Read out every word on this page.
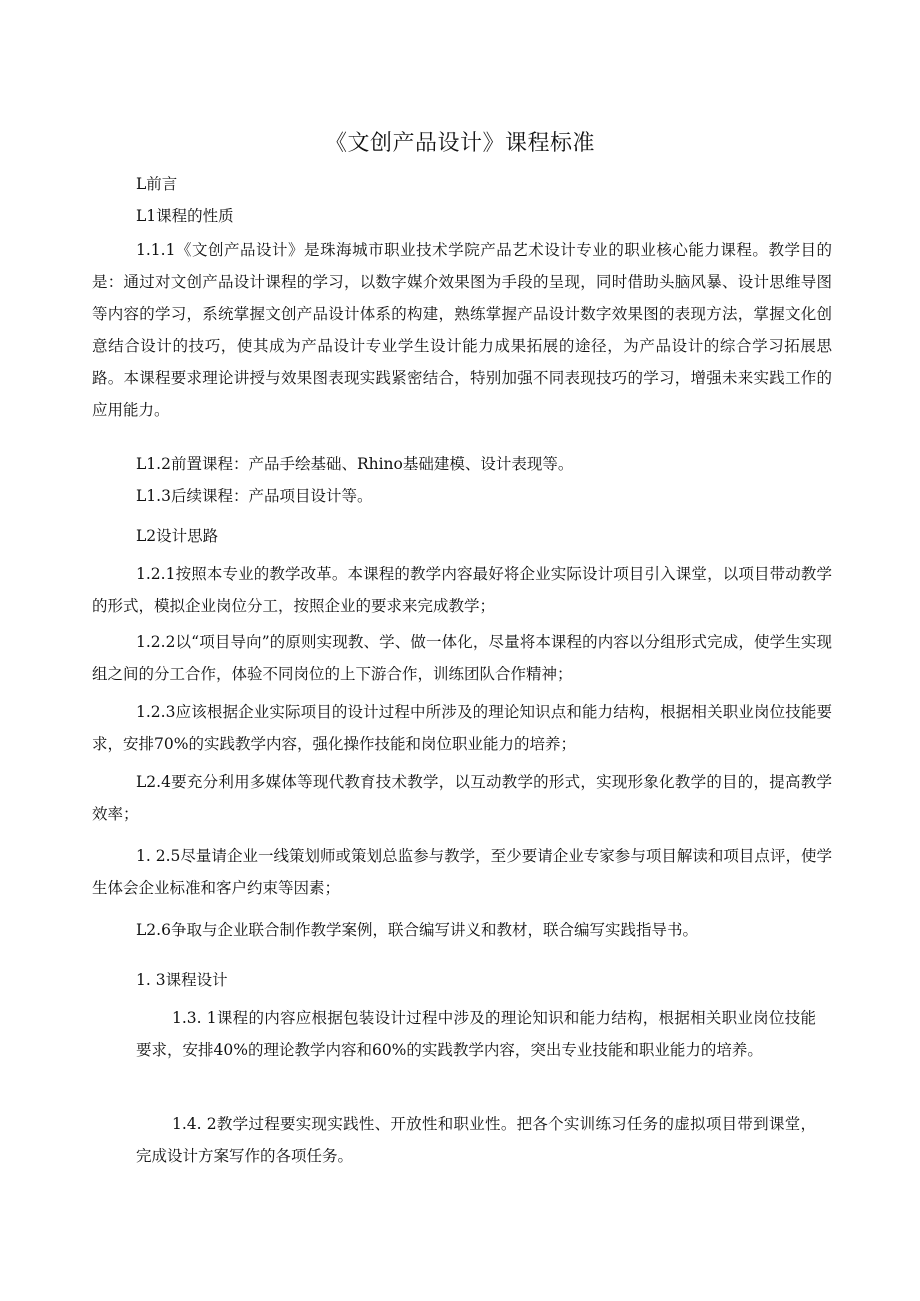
《文创产品设计》课程标准

L前言

L1课程的性质

1.1.1《文创产品设计》是珠海城市职业技术学院产品艺术设计专业的职业核心能力课程。教学目的是：通过对文创产品设计课程的学习，以数字媒介效果图为手段的呈现，同时借助头脑风暴、设计思维导图等内容的学习，系统掌握文创产品设计体系的构建，熟练掌握产品设计数字效果图的表现方法，掌握文化创意结合设计的技巧，使其成为产品设计专业学生设计能力成果拓展的途径，为产品设计的综合学习拓展思路。本课程要求理论讲授与效果图表现实践紧密结合，特别加强不同表现技巧的学习，增强未来实践工作的应用能力。

L1.2前置课程：产品手绘基础、Rhino基础建模、设计表现等。

L1.3后续课程：产品项目设计等。

L2设计思路

1.2.1按照本专业的教学改革。本课程的教学内容最好将企业实际设计项目引入课堂，以项目带动教学的形式，模拟企业岗位分工，按照企业的要求来完成教学；

1.2.2以“项目导向”的原则实现教、学、做一体化，尽量将本课程的内容以分组形式完成，使学生实现组之间的分工合作，体验不同岗位的上下游合作，训练团队合作精神；

1.2.3应该根据企业实际项目的设计过程中所涉及的理论知识点和能力结构，根据相关职业岗位技能要求，安排70%的实践教学内容，强化操作技能和岗位职业能力的培养；

L2.4要充分利用多媒体等现代教育技术教学，以互动教学的形式，实现形象化教学的目的，提高教学效率；

1. 2.5尽量请企业一线策划师或策划总监参与教学，至少要请企业专家参与项目解读和项目点评，使学生体会企业标准和客户约束等因素；

L2.6争取与企业联合制作教学案例，联合编写讲义和教材，联合编写实践指导书。

1. 3课程设计

1.3. 1课程的内容应根据包装设计过程中涉及的理论知识和能力结构，根据相关职业岗位技能要求，安排40%的理论教学内容和60%的实践教学内容，突出专业技能和职业能力的培养。

1.4. 2教学过程要实现实践性、开放性和职业性。把各个实训练习任务的虚拟项目带到课堂，完成设计方案写作的各项任务。
